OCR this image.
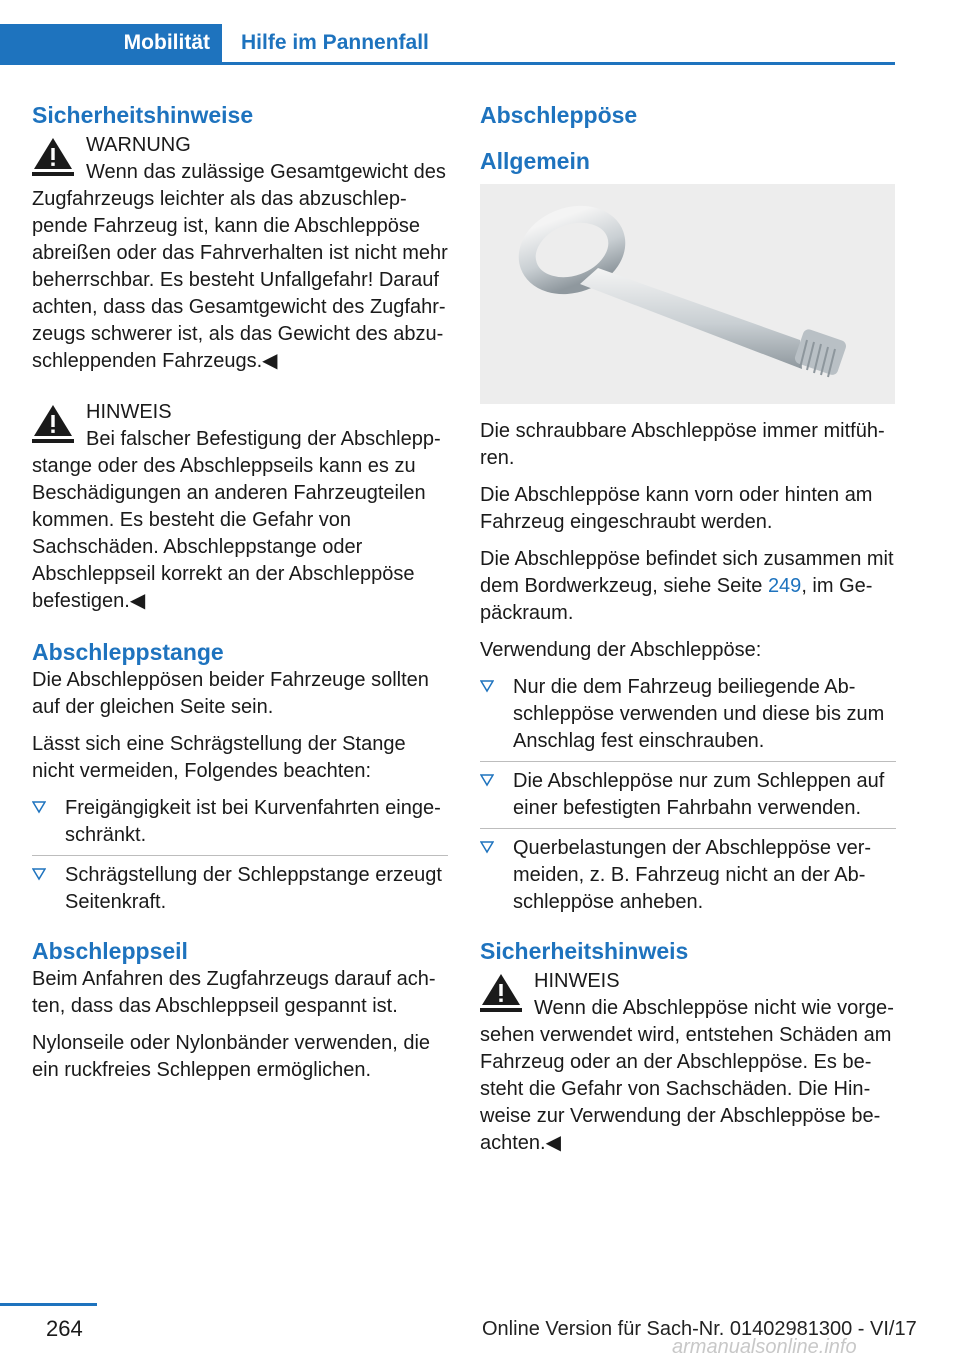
Mobilität	Hilfe im Pannenfall
Sicherheitshinweise

WARNUNG

Wenn das zulässige Gesamtgewicht des Zugfahrzeugs leichter als das abzuschleppende Fahrzeug ist, kann die Abschleppöse abreißen oder das Fahrverhalten ist nicht mehr beherrschbar. Es besteht Unfallgefahr! Darauf achten, dass das Gesamtgewicht des Zugfahrzeugs schwerer ist, als das Gewicht des abzuschleppenden Fahrzeugs.◀

HINWEIS

Bei falscher Befestigung der Abschleppstange oder des Abschleppseils kann es zu Beschädigungen an anderen Fahrzeugteilen kommen. Es besteht die Gefahr von Sachschäden. Abschleppstange oder Abschleppseil korrekt an der Abschleppöse befestigen.◀

Abschleppstange

Die Abschleppösen beider Fahrzeuge sollten auf der gleichen Seite sein.

Lässt sich eine Schrägstellung der Stange nicht vermeiden, Folgendes beachten:

Freigängigkeit ist bei Kurvenfahrten eingeschränkt.
Schrägstellung der Schleppstange erzeugt Seitenkraft.
Abschleppseil

Beim Anfahren des Zugfahrzeugs darauf achten, dass das Abschleppseil gespannt ist.

Nylonseile oder Nylonbänder verwenden, die ein ruckfreies Schleppen ermöglichen.

Abschleppöse
Allgemein

Die schraubbare Abschleppöse immer mitführen.

Die Abschleppöse kann vorn oder hinten am Fahrzeug eingeschraubt werden.

Die Abschleppöse befindet sich zusammen mit dem Bordwerkzeug, siehe Seite 249, im Gepäckraum.

Verwendung der Abschleppöse:

Nur die dem Fahrzeug beiliegende Abschleppöse verwenden und diese bis zum Anschlag fest einschrauben.
Die Abschleppöse nur zum Schleppen auf einer befestigten Fahrbahn verwenden.
Querbelastungen der Abschleppöse vermeiden, z. B. Fahrzeug nicht an der Abschleppöse anheben.
Sicherheitshinweis

HINWEIS

Wenn die Abschleppöse nicht wie vorgesehen verwendet wird, entstehen Schäden am Fahrzeug oder an der Abschleppöse. Es besteht die Gefahr von Sachschäden. Die Hinweise zur Verwendung der Abschleppöse beachten.◀

264	Online Version für Sach-Nr. 01402981300 - VI/17
armanualsonline.info
